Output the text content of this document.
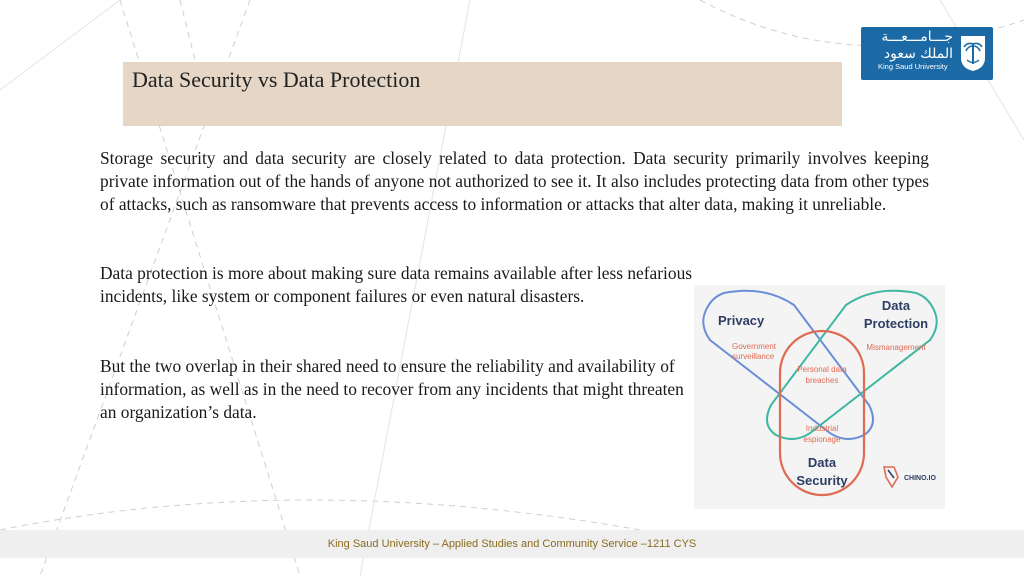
Data Security vs Data Protection
جـــامـــعـــة
الملك سعود
King Saud University

Storage security and data security are closely related to data protection. Data security primarily involves keeping private information out of the hands of anyone not authorized to see it. It also includes protecting data from other types of attacks, such as ransomware that prevents access to information or attacks that alter data, making it unreliable.

Data protection is more about making sure data remains available after less nefarious incidents, like system or component failures or even natural disasters.

But the two overlap in their shared need to ensure the reliability and availability of information, as well as in the need to recover from any incidents that might threaten an organization’s data.

Privacy
Data
Protection
Government
surveillance
Mismanagement
Personal data
breaches
Industrial
espionage
Data
Security	CHINO.IO
King Saud University – Applied Studies and Community Service –1211 CYS
